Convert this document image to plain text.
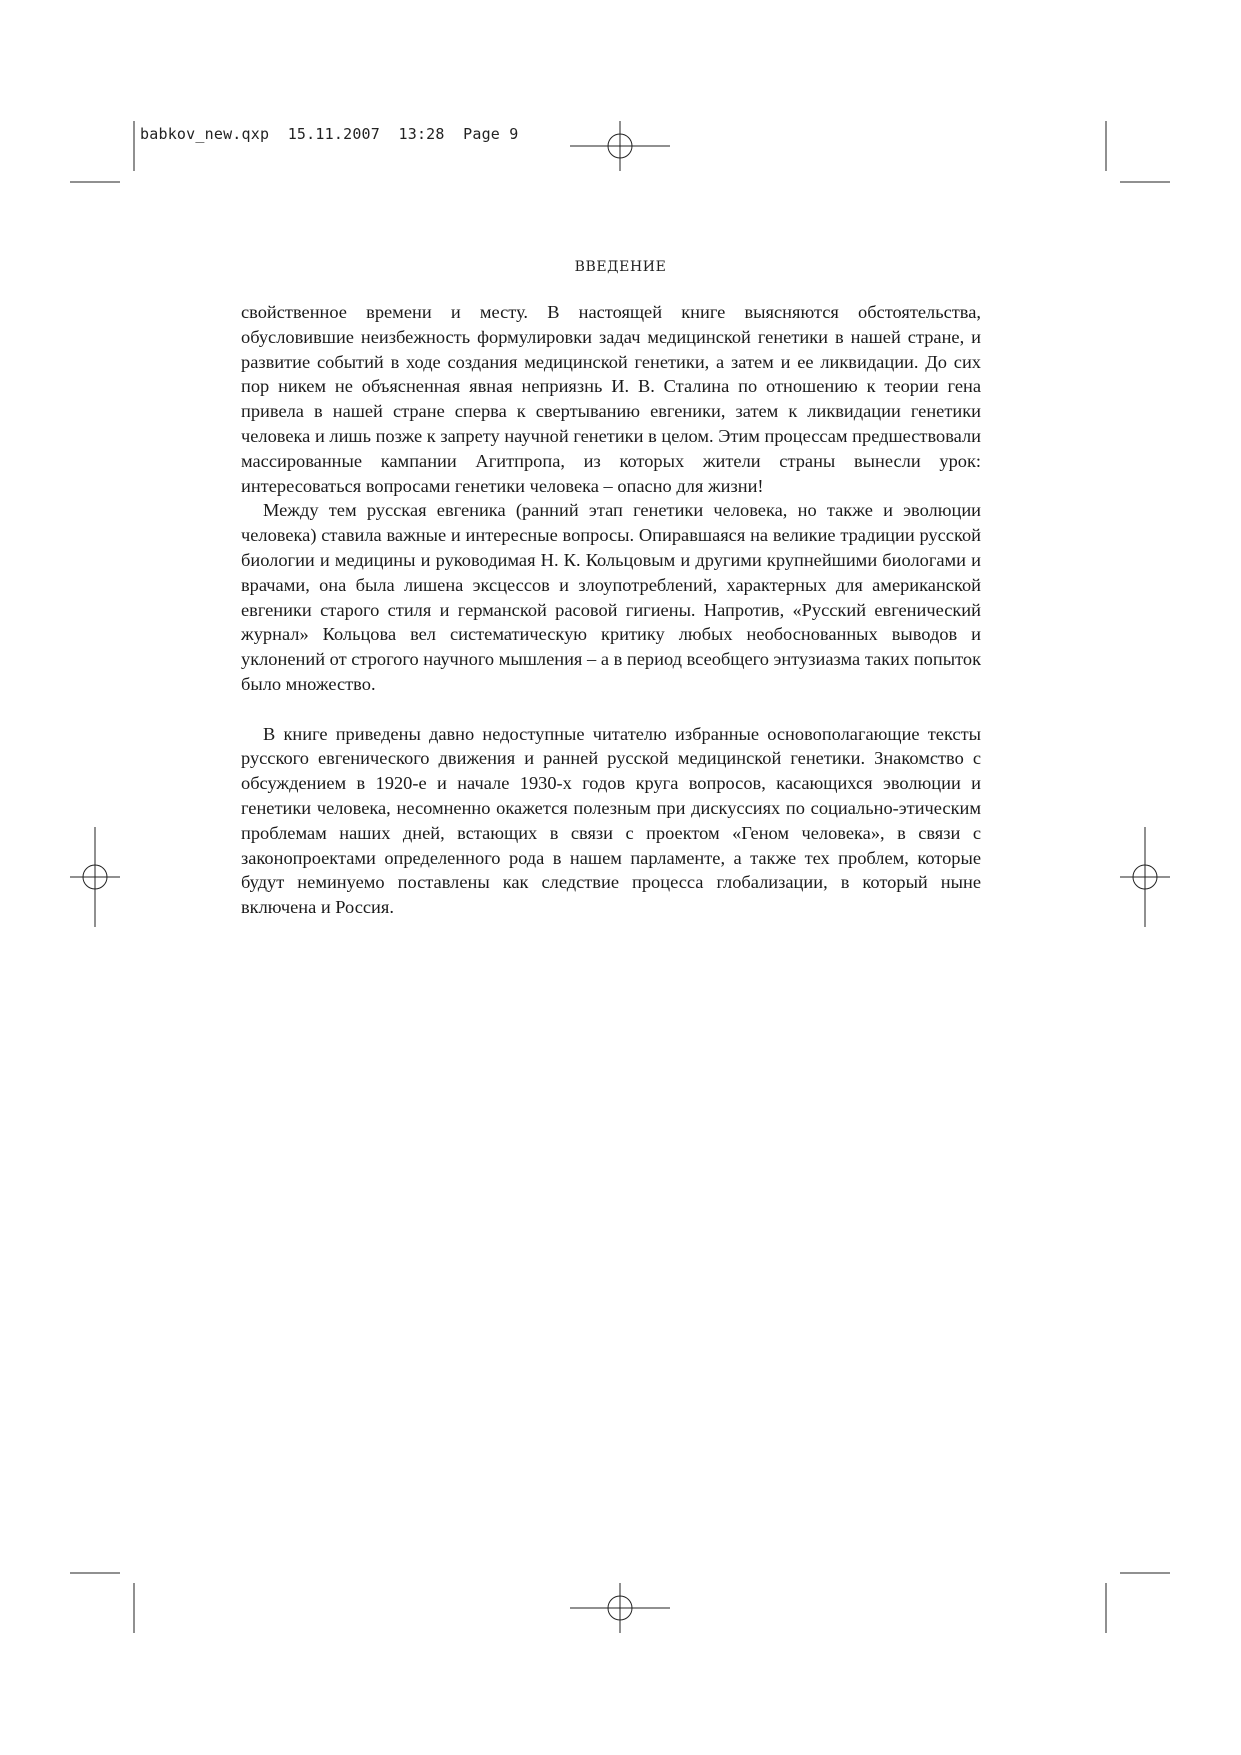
babkov_new.qxp 15.11.2007 13:28 Page 9
ВВЕДЕНИЕ

свойственное времени и месту. В настоящей книге выясняются обстоятельства, обусловившие неизбежность формулировки задач медицинской генетики в нашей стране, и развитие событий в ходе создания медицинской генетики, а затем и ее ликвидации. До сих пор никем не объясненная явная неприязнь И. В. Сталина по отношению к теории гена привела в нашей стране сперва к свертыванию евгеники, затем к ликвидации генетики человека и лишь позже к запрету научной генетики в целом. Этим процессам предшествовали массированные кампании Агитпропа, из которых жители страны вынесли урок: интересоваться вопросами генетики человека – опасно для жизни!

Между тем русская евгеника (ранний этап генетики человека, но также и эволюции человека) ставила важные и интересные вопросы. Опиравшаяся на великие традиции русской биологии и медицины и руководимая Н. К. Кольцовым и другими крупнейшими биологами и врачами, она была лишена эксцессов и злоупотреблений, характерных для американской евгеники старого стиля и германской расовой гигиены. Напротив, «Русский евгенический журнал» Кольцова вел систематическую критику любых необоснованных выводов и уклонений от строгого научного мышления – а в период всеобщего энтузиазма таких попыток было множество.

В книге приведены давно недоступные читателю избранные основополагающие тексты русского евгенического движения и ранней русской медицинской генетики. Знакомство с обсуждением в 1920-е и начале 1930-х годов круга вопросов, касающихся эволюции и генетики человека, несомненно окажется полезным при дискуссиях по социально-этическим проблемам наших дней, встающих в связи с проектом «Геном человека», в связи с законопроектами определенного рода в нашем парламенте, а также тех проблем, которые будут неминуемо поставлены как следствие процесса глобализации, в который ныне включена и Россия.
